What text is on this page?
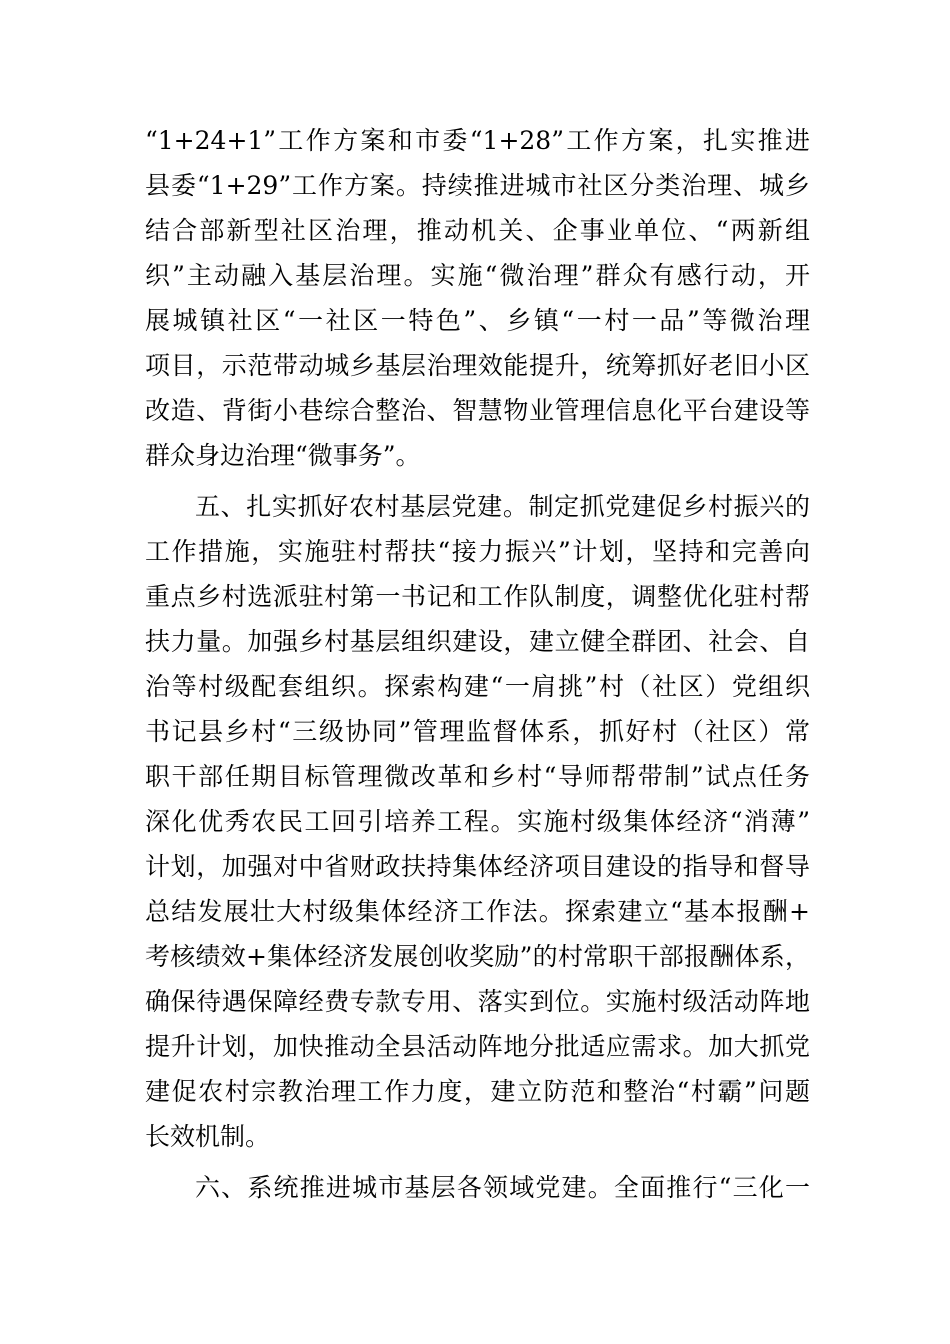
“1+24+1”工作方案和市委“1+28”工作方案，扎实推进
县委“1+29”工作方案。持续推进城市社区分类治理、城乡
结合部新型社区治理，推动机关、企事业单位、“两新组
织”主动融入基层治理。实施“微治理”群众有感行动，开
展城镇社区“一社区一特色”、乡镇“一村一品”等微治理
项目，示范带动城乡基层治理效能提升，统筹抓好老旧小区
改造、背街小巷综合整治、智慧物业管理信息化平台建设等
群众身边治理“微事务”。
五、扎实抓好农村基层党建。制定抓党建促乡村振兴的
工作措施，实施驻村帮扶“接力振兴”计划，坚持和完善向
重点乡村选派驻村第一书记和工作队制度，调整优化驻村帮
扶力量。加强乡村基层组织建设，建立健全群团、社会、自
治等村级配套组织。探索构建“一肩挑”村（社区）党组织
书记县乡村“三级协同”管理监督体系，抓好村（社区）常
职干部任期目标管理微改革和乡村“导师帮带制”试点任务
深化优秀农民工回引培养工程。实施村级集体经济“消薄”
计划，加强对中省财政扶持集体经济项目建设的指导和督导
总结发展壮大村级集体经济工作法。探索建立“基本报酬+
考核绩效+集体经济发展创收奖励”的村常职干部报酬体系，
确保待遇保障经费专款专用、落实到位。实施村级活动阵地
提升计划，加快推动全县活动阵地分批适应需求。加大抓党
建促农村宗教治理工作力度，建立防范和整治“村霸”问题
长效机制。
六、系统推进城市基层各领域党建。全面推行“三化一
